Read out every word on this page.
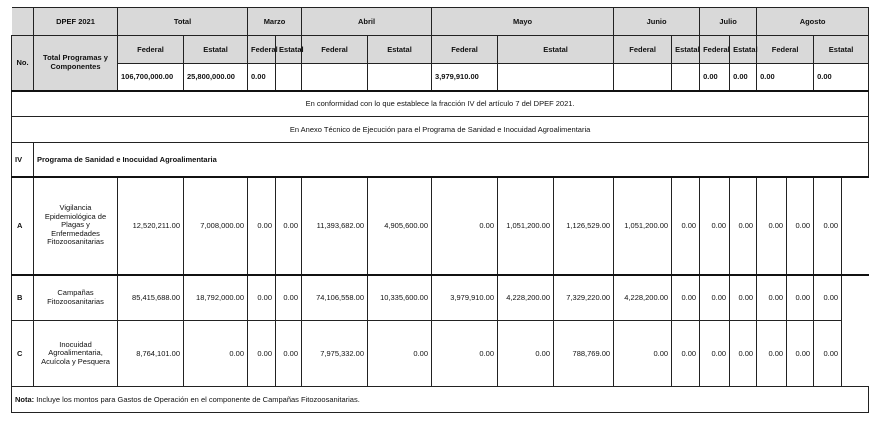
	DPEF 2021	Total		Marzo		Abril		Mayo			Junio		Julio		Agosto		
No.	Total Programas y Componentes	Federal	Estatal	Federal	Estatal	Federal	Estatal	Federal	Estatal		Federal	Estatal	Federal	Estatal	Federal		Estatal
		106,700,000.00	25,800,000.00	0.00				3,979,910.00					0.00	0.00	0.00		0.00
En conformidad con lo que establece la fracción IV del artículo 7 del DPEF 2021.																	
En Anexo Técnico de Ejecución para el Programa de Sanidad e Inocuidad Agroalimentaria																	
IV	Programa de Sanidad e Inocuidad Agroalimentaria																
A	Vigilancia Epidemiológica de Plagas y Enfermedades Fitozoosanitarias	12,520,211.00	7,008,000.00	0.00	0.00	11,393,682.00	4,905,600.00	0.00	1,051,200.00	1,126,529.00	1,051,200.00	0.00	0.00	0.00	0.00	0.00	0.00
B	Campañas Fitozoosanitarias	85,415,688.00	18,792,000.00	0.00	0.00	74,106,558.00	10,335,600.00	3,979,910.00	4,228,200.00	7,329,220.00	4,228,200.00	0.00	0.00	0.00	0.00	0.00	0.00
C	Inocuidad Agroalimentaria, Acuícola y Pesquera	8,764,101.00	0.00	0.00	0.00	7,975,332.00	0.00	0.00	0.00	788,769.00	0.00	0.00	0.00	0.00	0.00	0.00	0.00
Nota: Incluye los montos para Gastos de Operación en el componente de Campañas Fitozoosanitarias.																	
